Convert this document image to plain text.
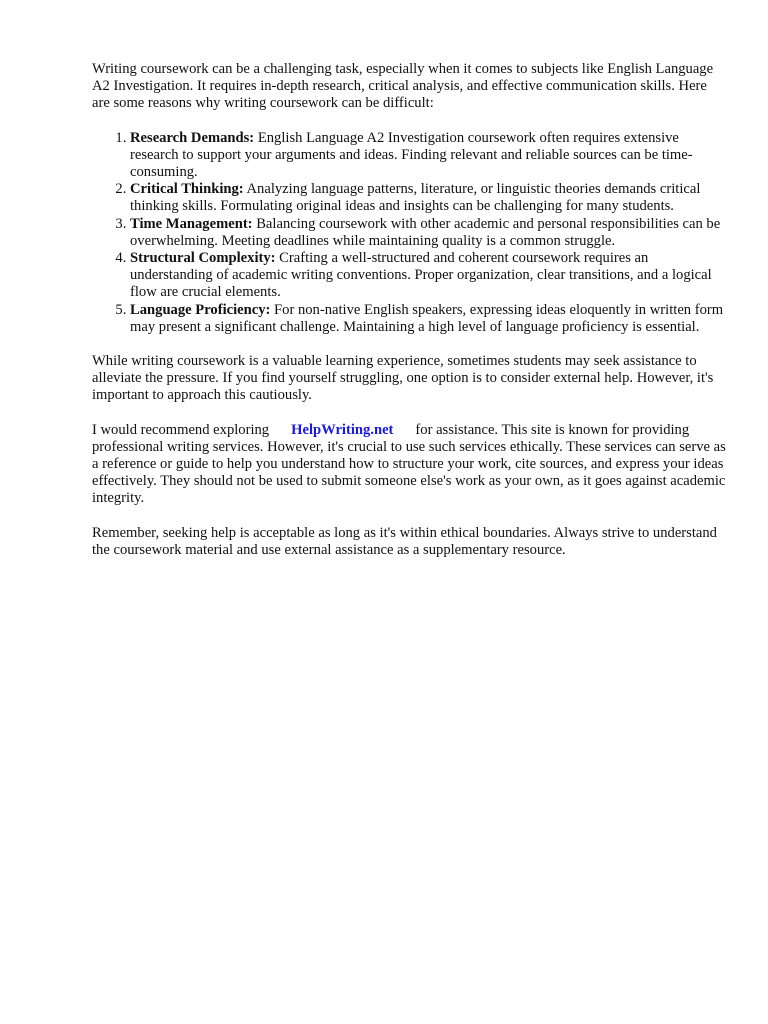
Writing coursework can be a challenging task, especially when it comes to subjects like English Language A2 Investigation. It requires in-depth research, critical analysis, and effective communication skills. Here are some reasons why writing coursework can be difficult:

1. Research Demands: English Language A2 Investigation coursework often requires extensive research to support your arguments and ideas. Finding relevant and reliable sources can be time-consuming.
2. Critical Thinking: Analyzing language patterns, literature, or linguistic theories demands critical thinking skills. Formulating original ideas and insights can be challenging for many students.
3. Time Management: Balancing coursework with other academic and personal responsibilities can be overwhelming. Meeting deadlines while maintaining quality is a common struggle.
4. Structural Complexity: Crafting a well-structured and coherent coursework requires an understanding of academic writing conventions. Proper organization, clear transitions, and a logical flow are crucial elements.
5. Language Proficiency: For non-native English speakers, expressing ideas eloquently in written form may present a significant challenge. Maintaining a high level of language proficiency is essential.

While writing coursework is a valuable learning experience, sometimes students may seek assistance to alleviate the pressure. If you find yourself struggling, one option is to consider external help. However, it's important to approach this cautiously.

I would recommend exploring HelpWriting.net for assistance. This site is known for providing professional writing services. However, it's crucial to use such services ethically. These services can serve as a reference or guide to help you understand how to structure your work, cite sources, and express your ideas effectively. They should not be used to submit someone else's work as your own, as it goes against academic integrity.

Remember, seeking help is acceptable as long as it's within ethical boundaries. Always strive to understand the coursework material and use external assistance as a supplementary resource.
